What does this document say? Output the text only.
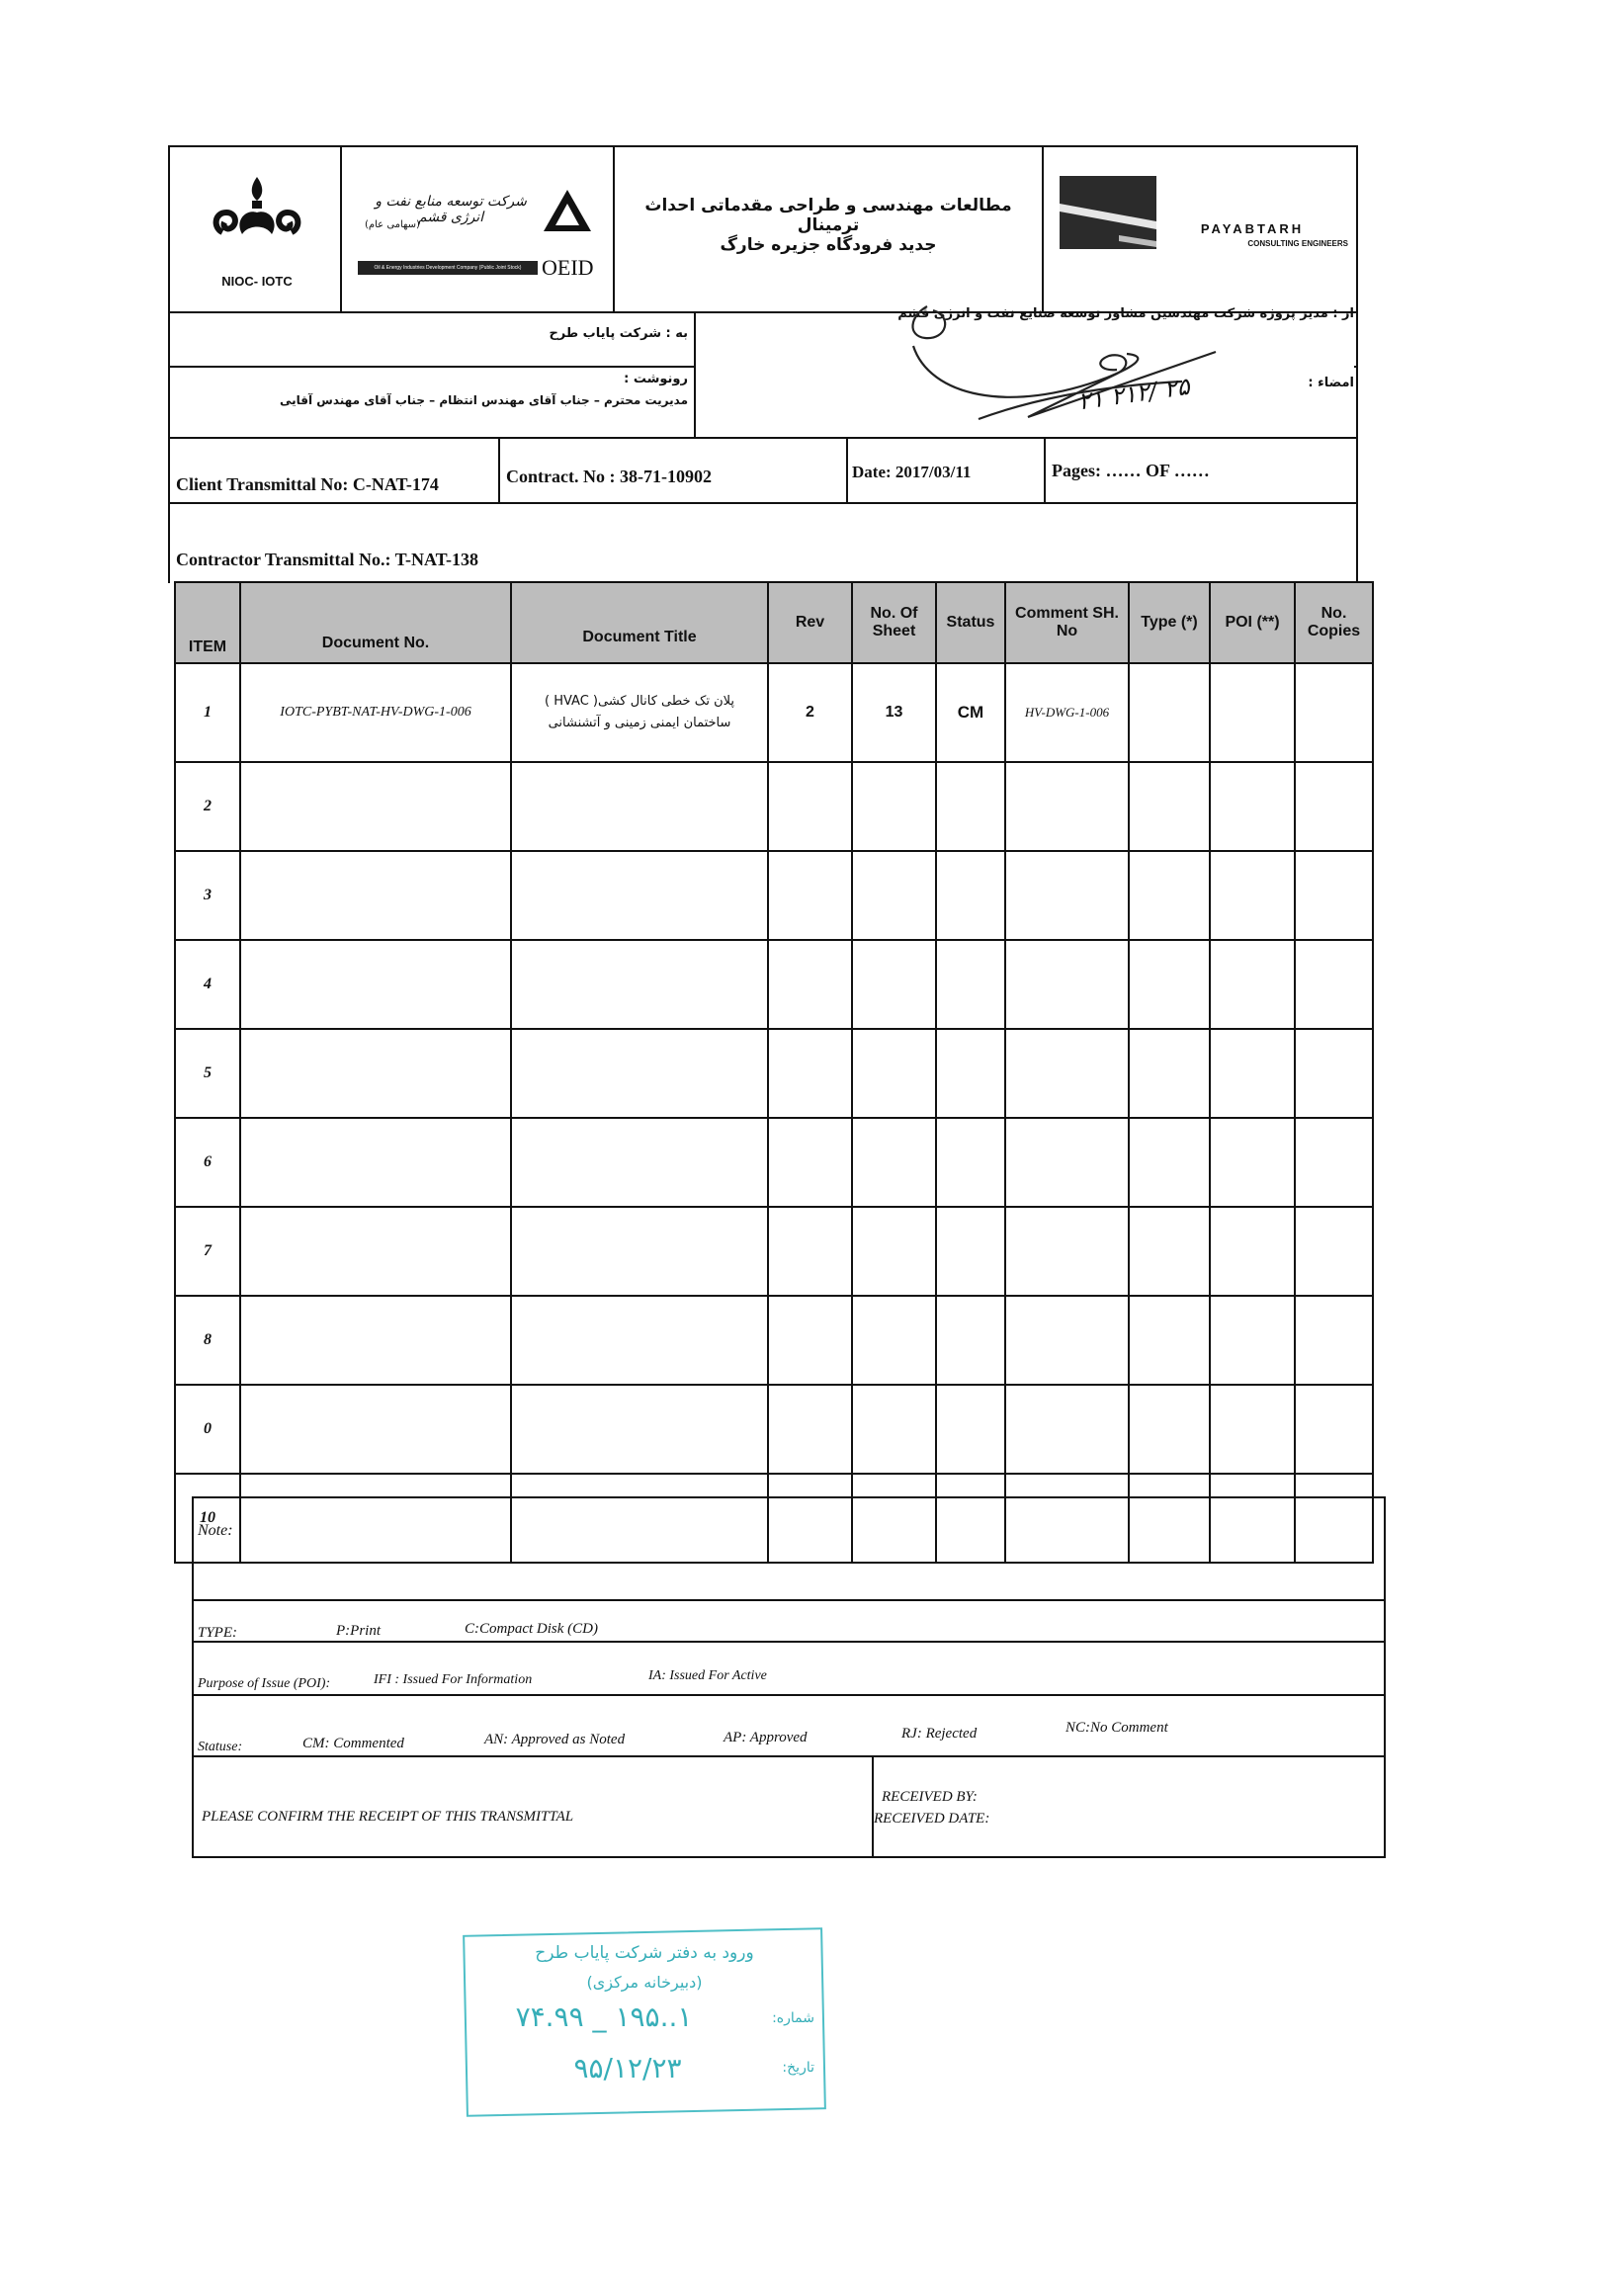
NIOC- IOTC
شرکت توسعه منابع نفت و انرژی قشم
(سهامی عام)
Oil & Energy Industries Development Company (Public Joint Stock) OEID
مطالعات مهندسی و طراحی مقدماتی احداث ترمینال
جدید فرودگاه جزیره خارگ
PAYABTARH
CONSULTING ENGINEERS
به : شرکت پایاب طرح
از : مدیر پروژه شرکت مهندسین مشاور توسعه صنایع نفت و انرژی قشم
رونوشت :
مدیریت محترم – جناب آقای مهندس انتظام – جناب آقای مهندس آقایی
امضاء :
۲۱ ۲۱۲/ ۲۵
Client Transmittal No: C-NAT-174	Contract. No : 38-71-10902	Date: 2017/03/11	Pages: …… OF ……
Contractor Transmittal No.: T-NAT-138
ITEM	Document No.	Document Title	Rev	No. Of Sheet	Status	Comment SH. No	Type (*)	POI (**)	No. Copies
1	IOTC-PYBT-NAT-HV-DWG-1-006	پلان تک خطی کانال کشی( HVAC ) ساختمان ایمنی زمینی و آتشنشانی	2	13	CM	HV-DWG-1-006			
2									
3									
4									
5									
6									
7									
8									
0									
10									
Note:
TYPE:	P:Print	C:Compact Disk (CD)
Purpose of Issue (POI):	IFI : Issued For Information	IA: Issued For Active
Statuse:	CM: Commented	AN: Approved as Noted	AP: Approved	RJ: Rejected	NC:No Comment
PLEASE CONFIRM THE RECEIPT OF THIS TRANSMITTAL
RECEIVED BY:
RECEIVED DATE:
ورود به دفتر شرکت پایاب طرح
(دبیرخانه مرکزی)
شماره:
۱..۱۹۵ _ ۷۴.۹۹
تاریخ:
۹۵/۱۲/۲۳
